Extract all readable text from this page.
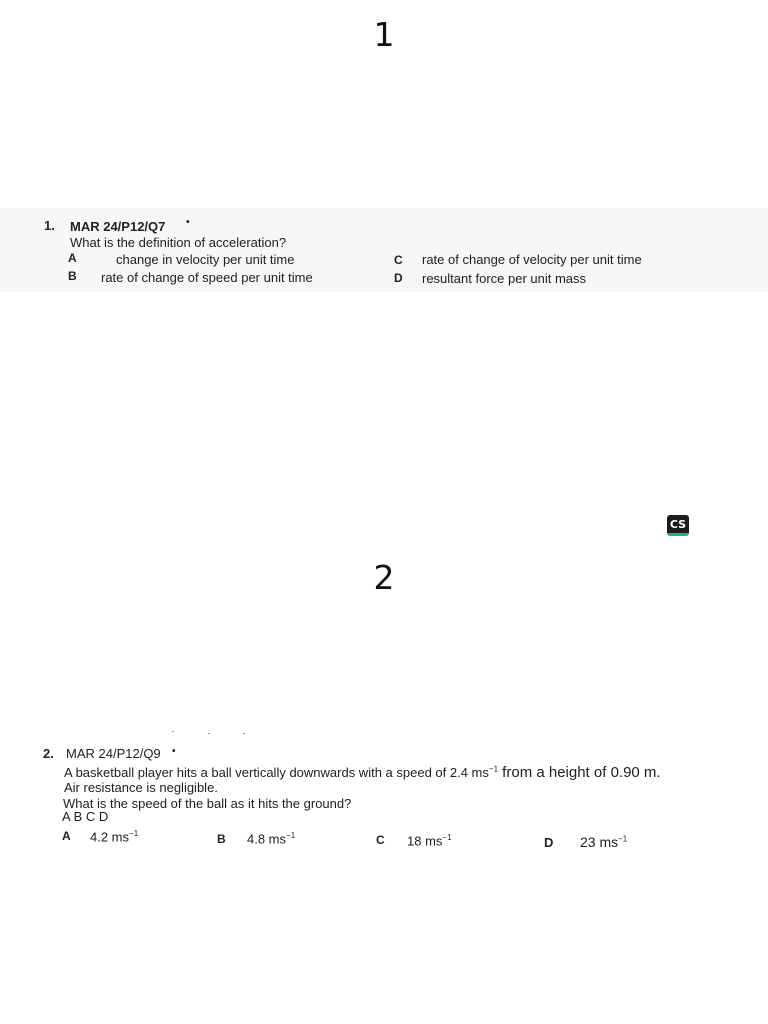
1
1. MAR 24/P12/Q7 •
What is the definition of acceleration?
A	change in velocity per unit time
B rate of change of speed per unit time
C rate of change of velocity per unit time
D resultant force per unit mass
CS
2
2. MAR 24/P12/Q9 •
A basketball player hits a ball vertically downwards with a speed of 2.4 $ms^{-1}$ from a height of 0.90 m.
Air resistance is negligible.
What is the speed of the ball as it hits the ground?
A B C D
A 4.2 $ms^{-1}$	B 4.8 $ms^{-1}$	C 18 $ms^{-1}$	D 23 $ms^{-1}$
